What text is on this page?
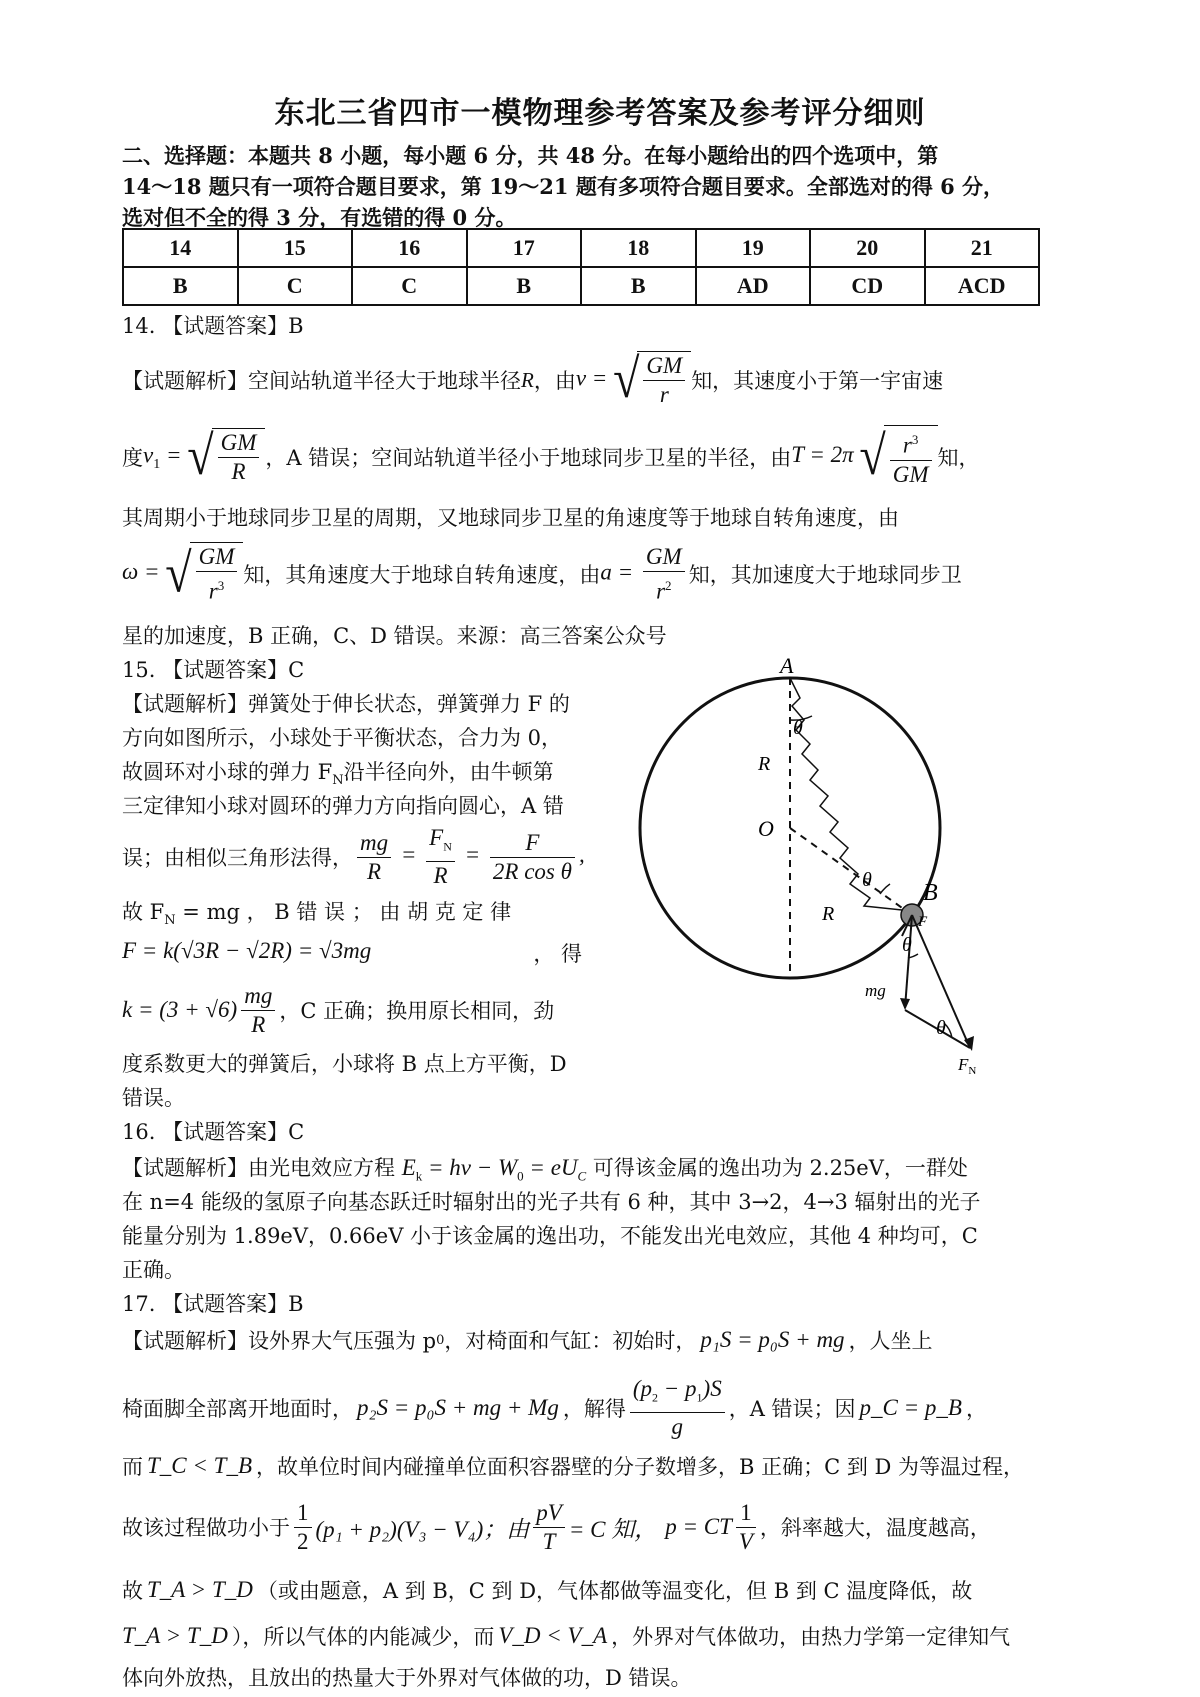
东北三省四市一模物理参考答案及参考评分细则
二、选择题：本题共 8 小题，每小题 6 分，共 48 分。在每小题给出的四个选项中，第
14～18 题只有一项符合题目要求，第 19～21 题有多项符合题目要求。全部选对的得 6 分，
选对但不全的得 3 分，有选错的得 0 分。
14	15	16	17	18	19	20	21
B	C	C	B	B	AD	CD	ACD
14. 【试题答案】B
【试题解析】空间站轨道半径大于地球半径 R ，由 v = √ $\frac{GM}{r}$ 知，其速度小于第一宇宙速
度 $v_1$ = √ $\frac{GM}{R}$ ，A 错误；空间站轨道半径小于地球同步卫星的半径，由 T = 2π √ $\frac{r^3}{GM}$ 知，
其周期小于地球同步卫星的周期，又地球同步卫星的角速度等于地球自转角速度，由
ω = √ $\frac{GM}{r^3}$ 知，其角速度大于地球自转角速度，由 $a = \frac{GM}{r^2}$ 知，其加速度大于地球同步卫
星的加速度，B 正确，C、D 错误。来源：高三答案公众号
15. 【试题答案】C
【试题解析】弹簧处于伸长状态，弹簧弹力 F 的
方向如图所示，小球处于平衡状态，合力为 0，
故圆环对小球的弹力 $F_N$沿半径向外，由牛顿第
三定律知小球对圆环的弹力方向指向圆心，A 错
误；由相似三角形法得， $\frac{mg}{R} = \frac{F_N}{R} = \frac{F}{\text{2R cos θ}}$ ,
故 $F_N$ = mg ， B 错 误 ； 由 胡 克 定 律
F = k(√3R − √2R) = √3mg	， 得
$k = (3 + √6) \frac{mg}{R}$ ，C 正确；换用原长相同，劲
度系数更大的弹簧后，小球将 B 点上方平衡，D
错误。
A
O
B
R
R
θ
θ
θ
θ
F
mg
$F_N$
16. 【试题答案】C
【试题解析】由光电效应方程 $E_k = h\nu - W_0 = eU_C$ 可得该金属的逸出功为 2.25eV，一群处
在 n=4 能级的氢原子向基态跃迁时辐射出的光子共有 6 种，其中 3→2，4→3 辐射出的光子
能量分别为 1.89eV，0.66eV 小于该金属的逸出功，不能发出光电效应，其他 4 种均可，C
正确。
17. 【试题答案】B
【试题解析】设外界大气压强为 p 0 ，对椅面和气缸：初始时， p₁S = p₀S + mg ，人坐上
椅面脚全部离开地面时， p₂S = p₀S + mg + Mg ，解得 $\frac{(p_2 - p_1)S}{g}$ ，A 错误；因 p_C = p_B ，
而 T_C < T_B ，故单位时间内碰撞单位面积容器壁的分子数增多，B 正确；C 到 D 为等温过程，
故该过程做功小于 $\frac{1}{2} (p_1 + p_2)(V_3 - V_4)$；由 $\frac{pV}{T} = C$ 知， p = CT $\frac{1}{V}$ ，斜率越大，温度越高，
故 T_A > T_D （或由题意，A 到 B，C 到 D，气体都做等温变化，但 B 到 C 温度降低，故
T_A > T_D ），所以气体的内能减少，而 V_D < V_A ，外界对气体做功，由热力学第一定律知气
体向外放热，且放出的热量大于外界对气体做的功，D 错误。
